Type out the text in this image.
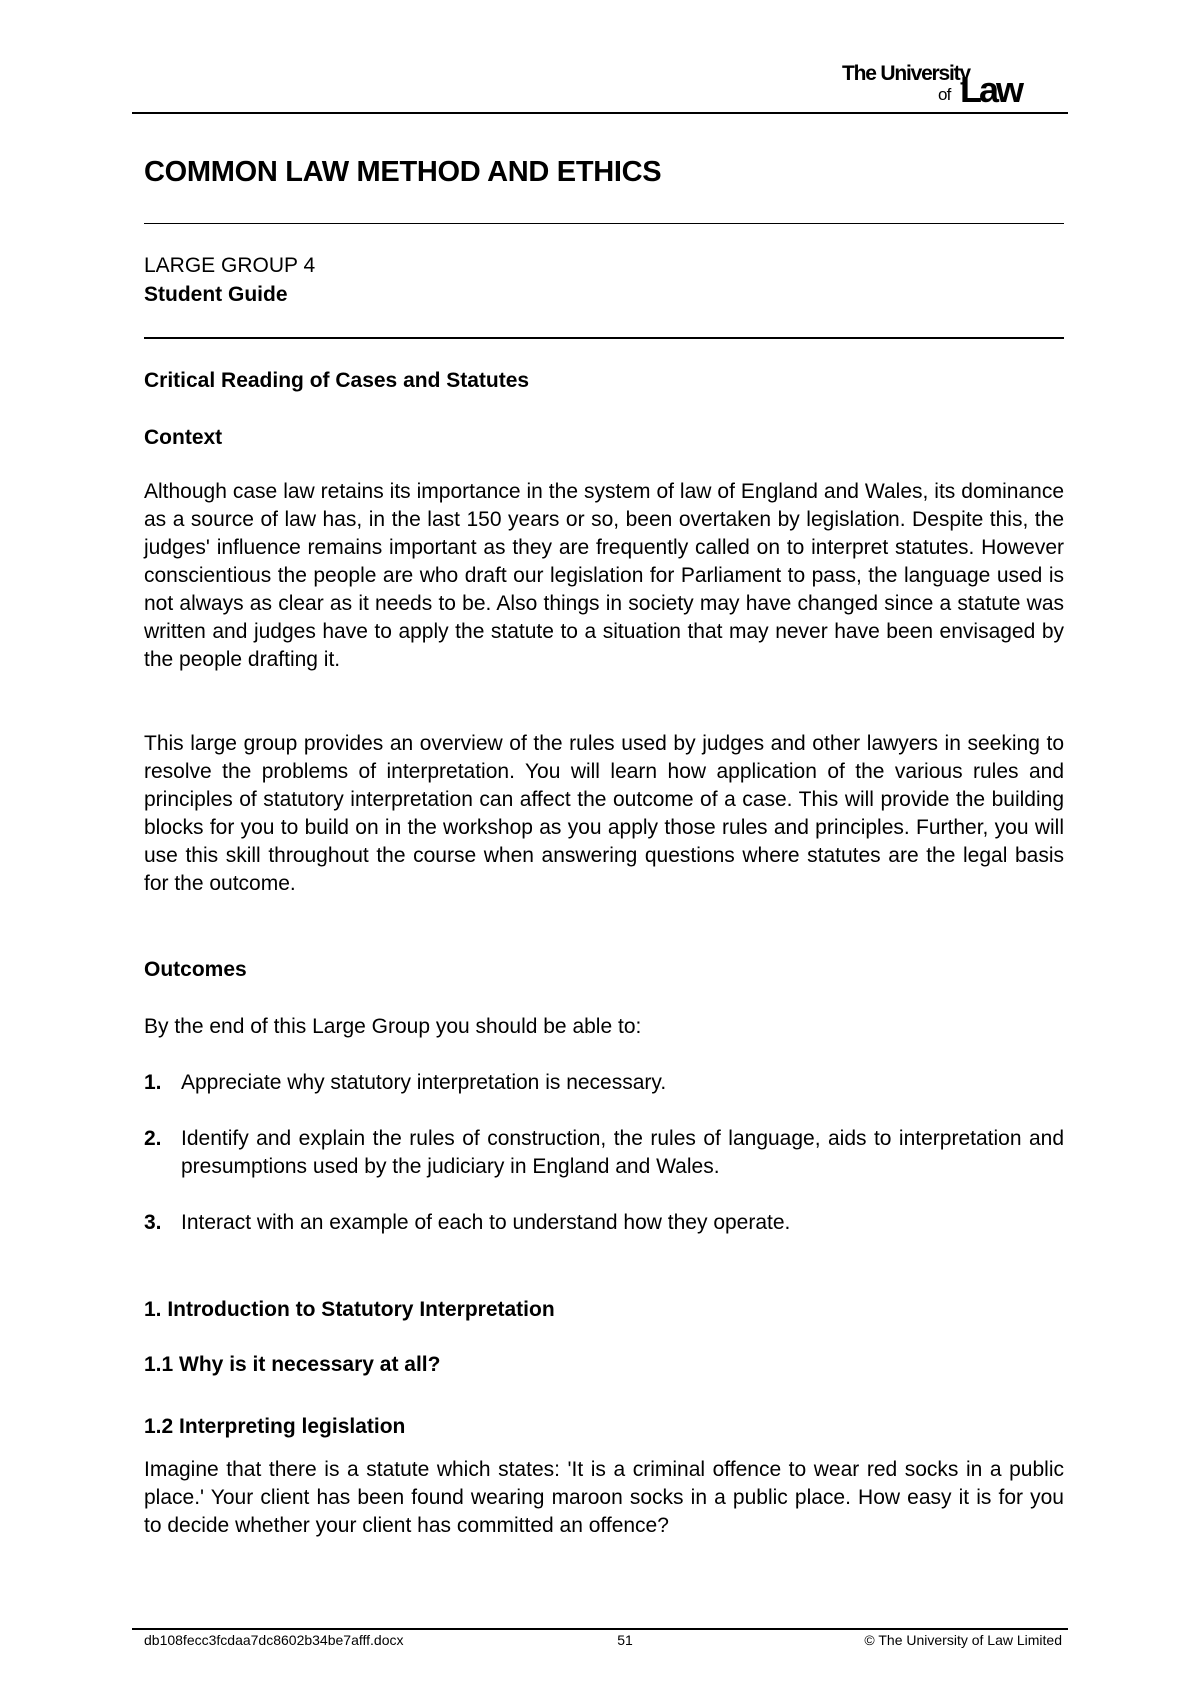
The University
of Law
COMMON LAW METHOD AND ETHICS

LARGE GROUP 4

Student Guide

Critical Reading of Cases and Statutes

Context

Although case law retains its importance in the system of law of England and Wales, its dominance as a source of law has, in the last 150 years or so, been overtaken by legislation. Despite this, the judges' influence remains important as they are frequently called on to interpret statutes. However conscientious the people are who draft our legislation for Parliament to pass, the language used is not always as clear as it needs to be. Also things in society may have changed since a statute was written and judges have to apply the statute to a situation that may never have been envisaged by the people drafting it.

This large group provides an overview of the rules used by judges and other lawyers in seeking to resolve the problems of interpretation. You will learn how application of the various rules and principles of statutory interpretation can affect the outcome of a case. This will provide the building blocks for you to build on in the workshop as you apply those rules and principles. Further, you will use this skill throughout the course when answering questions where statutes are the legal basis for the outcome.

Outcomes

By the end of this Large Group you should be able to:

1. Appreciate why statutory interpretation is necessary.
2. Identify and explain the rules of construction, the rules of language, aids to interpretation and presumptions used by the judiciary in England and Wales.
3. Interact with an example of each to understand how they operate.

1. Introduction to Statutory Interpretation

1.1 Why is it necessary at all?

1.2 Interpreting legislation

Imagine that there is a statute which states: 'It is a criminal offence to wear red socks in a public place.' Your client has been found wearing maroon socks in a public place. How easy it is for you to decide whether your client has committed an offence?

db108fecc3fcdaa7dc8602b34be7afff.docx	51	© The University of Law Limited
